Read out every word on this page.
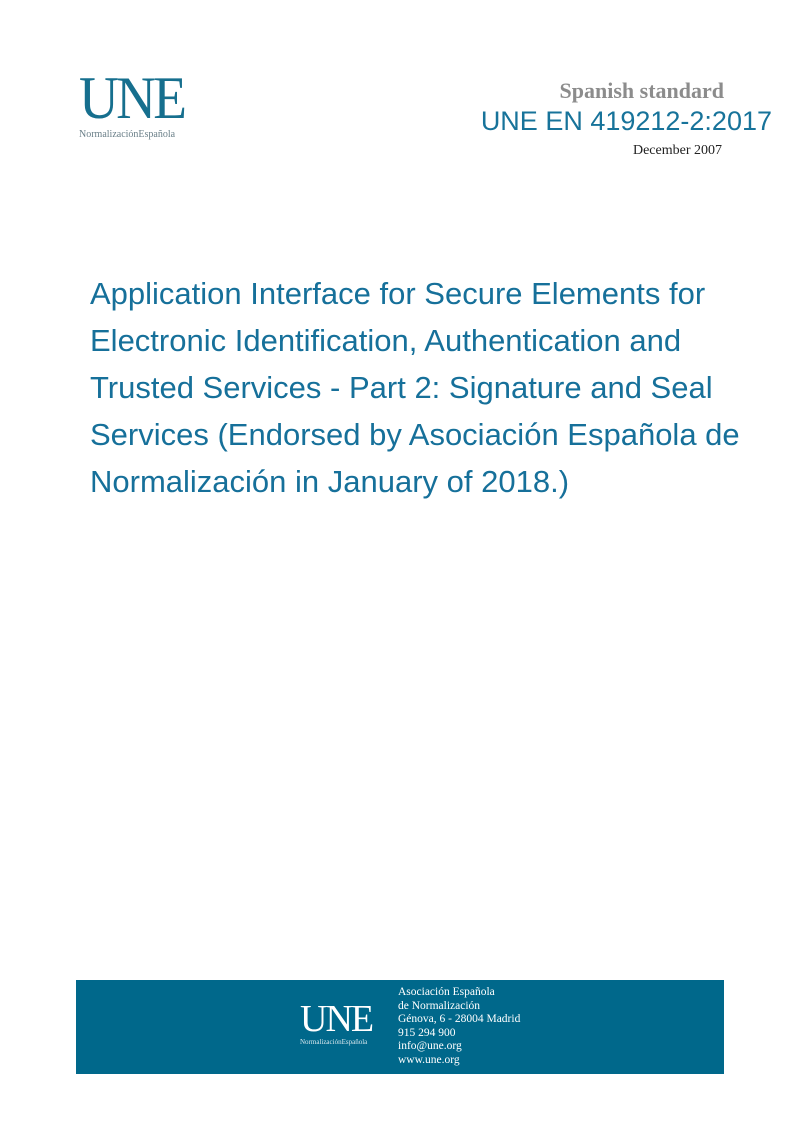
UNE
NormalizaciónEspañola
Spanish standard
UNE EN 419212-2:2017
December 2007
Application Interface for Secure Elements for Electronic Identification, Authentication and Trusted Services - Part 2: Signature and Seal Services (Endorsed by Asociación Española de Normalización in January of 2018.)
UNE
NormalizaciónEspañola
Asociación Española
de Normalización
Génova, 6 - 28004 Madrid
915 294 900
info@une.org
www.une.org
